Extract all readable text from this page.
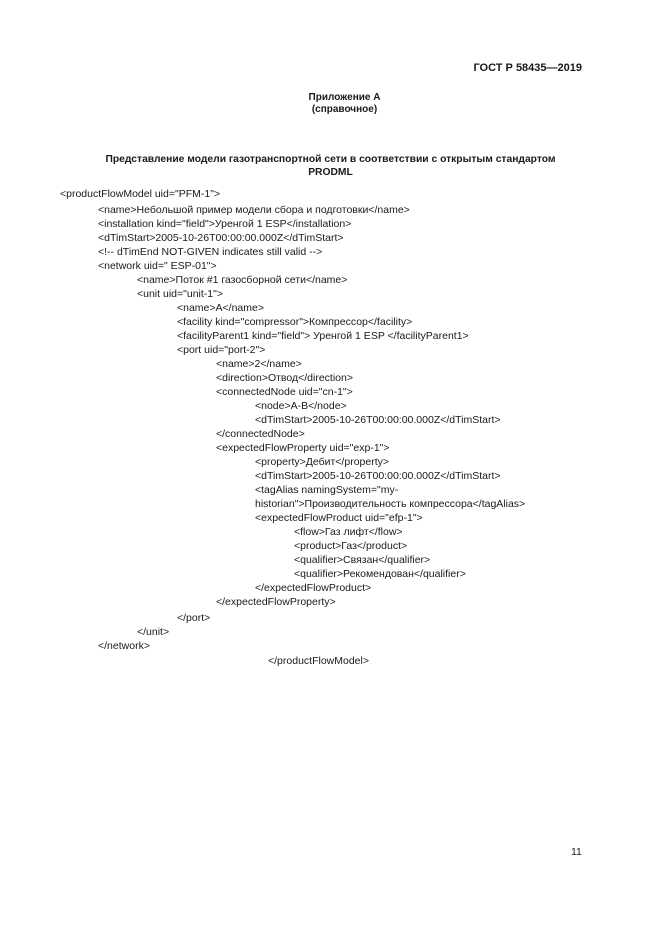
ГОСТ Р 58435—2019
Приложение А
(справочное)
Представление модели газотранспортной сети в соответствии с открытым стандартом
PRODML
<productFlowModel uid="PFM-1">
<name>Небольшой пример модели сбора и подготовки</name>
<installation kind="field">Уренгой 1 ESP</installation>
<dTimStart>2005-10-26T00:00:00.000Z</dTimStart>
<!-- dTimEnd NOT-GIVEN indicates still valid -->
<network uid=" ESP-01">
<name>Поток #1 газосборной сети</name>
<unit uid="unit-1">
<name>A</name>
<facility kind="compressor">Компрессор</facility>
<facilityParent1 kind="field"> Уренгой 1 ESP </facilityParent1>
<port uid="port-2">
<name>2</name>
<direction>Отвод</direction>
<connectedNode uid="cn-1">
<node>A-B</node>
<dTimStart>2005-10-26T00:00:00.000Z</dTimStart>
</connectedNode>
<expectedFlowProperty uid="exp-1">
<property>Дебит</property>
<dTimStart>2005-10-26T00:00:00.000Z</dTimStart>
<tagAlias namingSystem="my-
historian">Производительность компрессора</tagAlias>
<expectedFlowProduct uid="efp-1">
<flow>Газ лифт</flow>
<product>Газ</product>
<qualifier>Связан</qualifier>
<qualifier>Рекомендован</qualifier>
</expectedFlowProduct>
</expectedFlowProperty>
</port>
</unit>
</network>
</productFlowModel>
11
